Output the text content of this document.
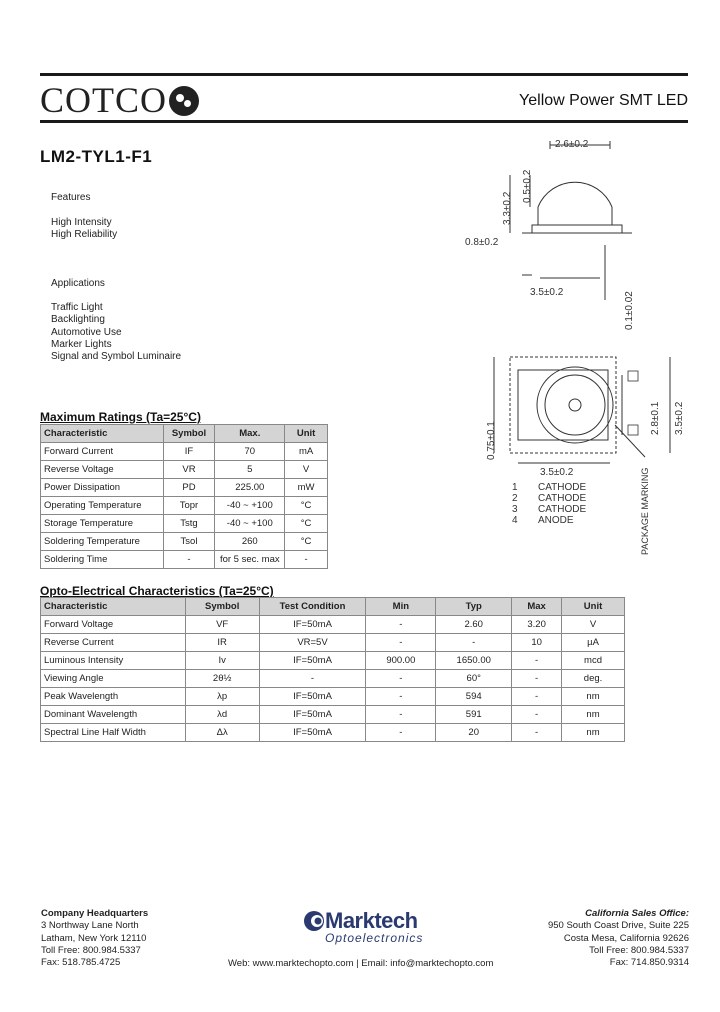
COTCO	Yellow Power SMT LED
LM2-TYL1-F1
Features
High Intensity
High Reliability
Applications
Traffic Light
Backlighting
Automotive Use
Marker Lights
Signal and Symbol Luminaire
2.6±0.2
0.8±0.2
3.5±0.2
3.5±0.2
3.3±0.2
0.5±0.2
0.1±0.02
0.75±0.1
2.8±0.1 3.5±0.2
PACKAGE MARKING
1 CATHODE
2 CATHODE
3 CATHODE
4 ANODE
Maximum Ratings (Ta=25°C)
Characteristic	Symbol	Max.	Unit
Forward Current	IF	70	mA
Reverse Voltage	VR	5	V
Power Dissipation	PD	225.00	mW
Operating Temperature	Topr	-40 ~ +100	°C
Storage Temperature	Tstg	-40 ~ +100	°C
Soldering Temperature	Tsol	260	°C
Soldering Time	-	for 5 sec. max	-
Opto-Electrical Characteristics (Ta=25°C)
Characteristic	Symbol	Test Condition	Min	Typ	Max	Unit
Forward Voltage	VF	IF=50mA	-	2.60	3.20	V
Reverse Current	IR	VR=5V	-	-	10	µA
Luminous Intensity	Iv	IF=50mA	900.00	1650.00	-	mcd
Viewing Angle	2θ½	-	-	60°	-	deg.
Peak Wavelength	λp	IF=50mA	-	594	-	nm
Dominant Wavelength	λd	IF=50mA	-	591	-	nm
Spectral Line Half Width	Δλ	IF=50mA	-	20	-	nm
Company Headquarters
3 Northway Lane North
Latham, New York 12110
Toll Free: 800.984.5337
Fax: 518.785.4725
Marktech
Optoelectronics
Web: www.marktechopto.com | Email: info@marktechopto.com
California Sales Office:
950 South Coast Drive, Suite 225
Costa Mesa, California 92626
Toll Free: 800.984.5337
Fax: 714.850.9314
